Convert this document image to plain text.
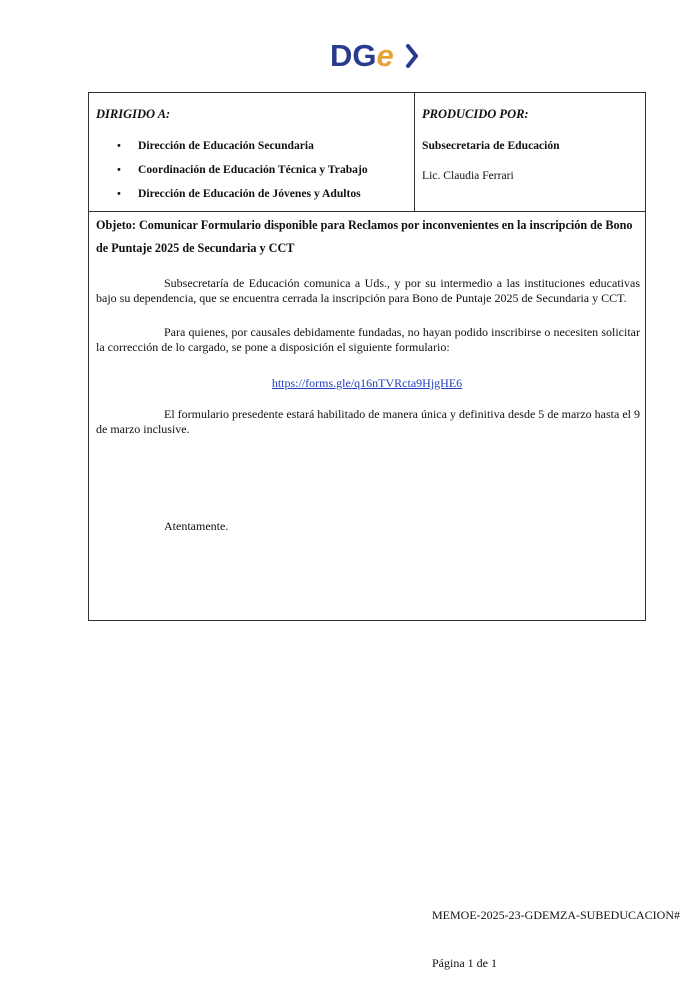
DGe
DIRIGIDO A:
• Dirección de Educación Secundaria
• Coordinación de Educación Técnica y Trabajo
• Dirección de Educación de Jóvenes y Adultos
PRODUCIDO POR:
Subsecretaria de Educación
Lic. Claudia Ferrari
Objeto: Comunicar Formulario disponible para Reclamos por inconvenientes en la inscripción de Bono de Puntaje 2025 de Secundaria y CCT
Subsecretaría de Educación comunica a Uds., y por su intermedio a las instituciones educativas bajo su dependencia, que se encuentra cerrada la inscripción para Bono de Puntaje 2025 de Secundaria y CCT.
Para quienes, por causales debidamente fundadas, no hayan podido inscribirse o necesiten solicitar la corrección de lo cargado, se pone a disposición el siguiente formulario:
https://forms.gle/q16nTVRcta9HjgHE6
El formulario presedente estará habilitado de manera única y definitiva desde 5 de marzo hasta el 9 de marzo inclusive.
Atentamente.
MEMOE-2025-23-GDEMZA-SUBEDUCACION#
Página 1 de 1
